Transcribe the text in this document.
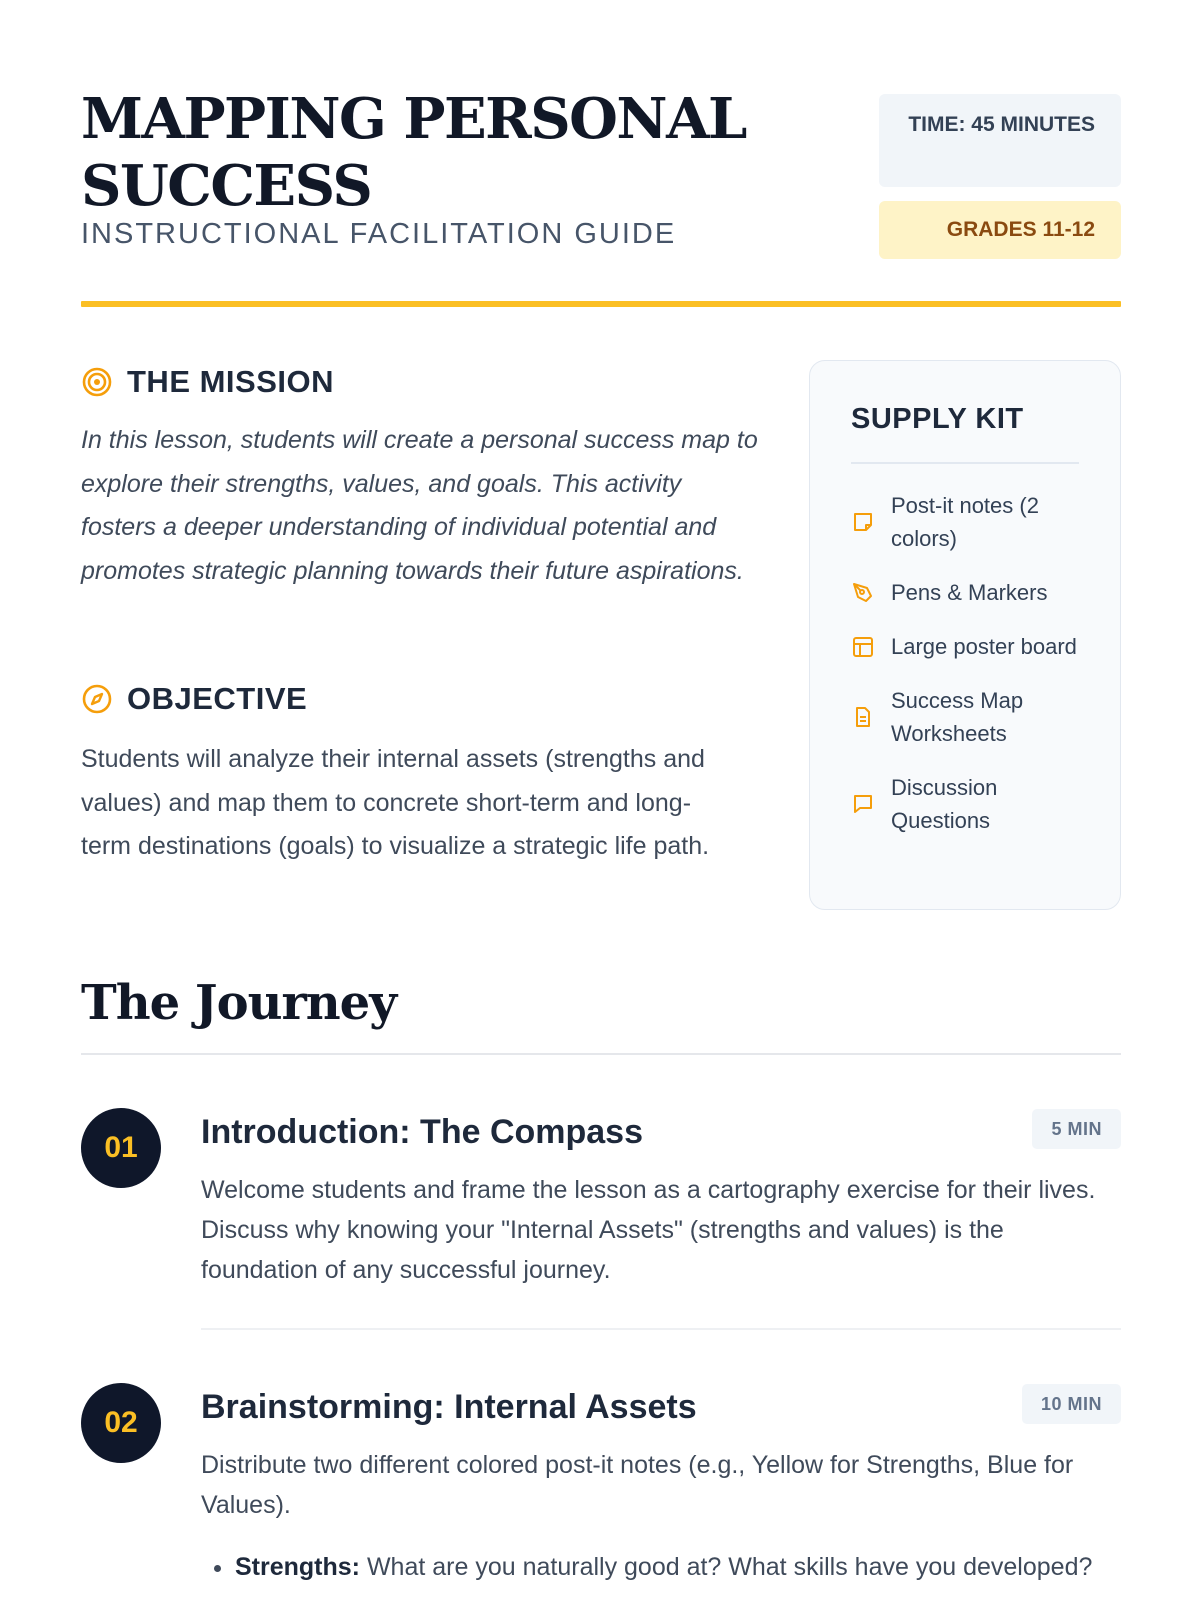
MAPPING PERSONAL SUCCESS
INSTRUCTIONAL FACILITATION GUIDE
TIME: 45 MINUTES
GRADES 11-12
THE MISSION

In this lesson, students will create a personal success map to explore their strengths, values, and goals. This activity fosters a deeper understanding of individual potential and promotes strategic planning towards their future aspirations.

OBJECTIVE

Students will analyze their internal assets (strengths and values) and map them to concrete short-term and long-term destinations (goals) to visualize a strategic life path.

SUPPLY KIT
Post-it notes (2 colors)
Pens & Markers
Large poster board
Success Map Worksheets
Discussion Questions
The Journey
01	Introduction: The Compass	5 MIN

Welcome students and frame the lesson as a cartography exercise for their lives. Discuss why knowing your "Internal Assets" (strengths and values) is the foundation of any successful journey.

02	Brainstorming: Internal Assets	10 MIN

Distribute two different colored post-it notes (e.g., Yellow for Strengths, Blue for Values).

• Strengths: What are you naturally good at? What skills have you developed?
